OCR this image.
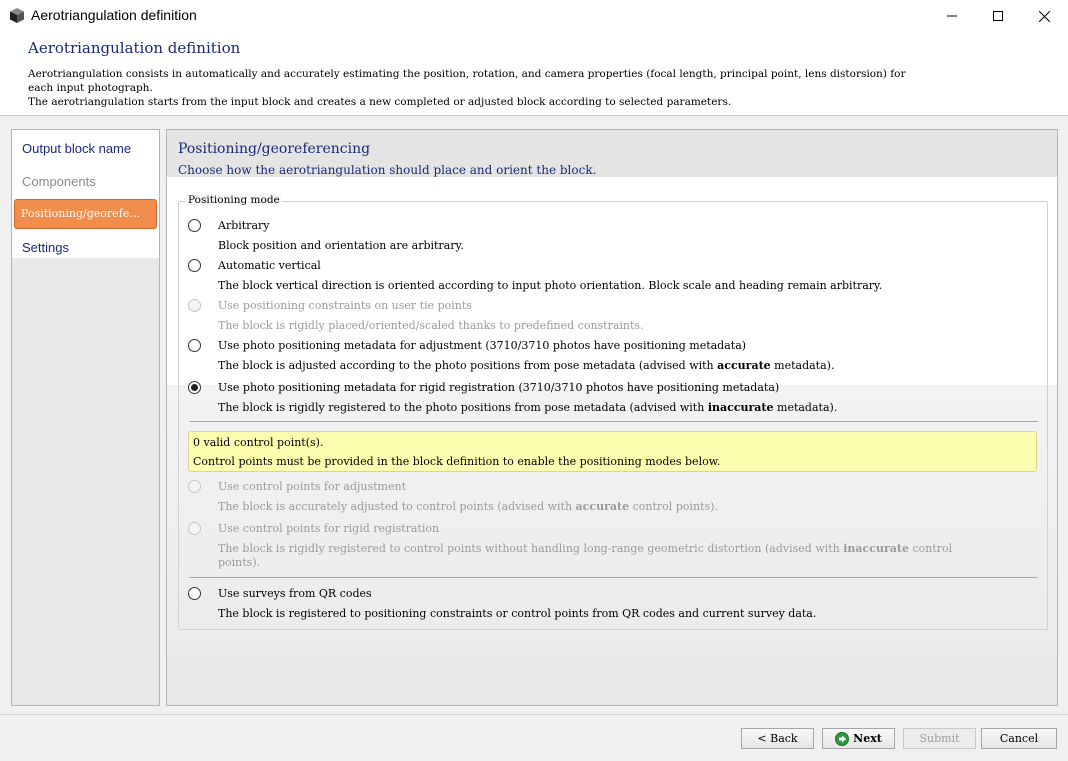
Aerotriangulation definition
Aerotriangulation definition
Aerotriangulation consists in automatically and accurately estimating the position, rotation, and camera properties (focal length, principal point, lens distorsion) for
each input photograph.
The aerotriangulation starts from the input block and creates a new completed or adjusted block according to selected parameters.
Output block name
Components
Positioning/georefe…
Settings
Positioning/georeferencing
Choose how the aerotriangulation should place and orient the block.
Arbitrary
Block position and orientation are arbitrary.
Automatic vertical
The block vertical direction is oriented according to input photo orientation. Block scale and heading remain arbitrary.
Use positioning constraints on user tie points
The block is rigidly placed/oriented/scaled thanks to predefined constraints.
Use photo positioning metadata for adjustment (3710/3710 photos have positioning metadata)
The block is adjusted according to the photo positions from pose metadata (advised with accurate metadata).
Use photo positioning metadata for rigid registration (3710/3710 photos have positioning metadata)
The block is rigidly registered to the photo positions from pose metadata (advised with inaccurate metadata).
Use control points for adjustment
The block is accurately adjusted to control points (advised with accurate control points).
Use control points for rigid registration
The block is rigidly registered to control points without handling long-range geometric distortion (advised with inaccurate control
points).
Use surveys from QR codes
The block is registered to positioning constraints or control points from QR codes and current survey data.
Positioning mode
0 valid control point(s).
Control points must be provided in the block definition to enable the positioning modes below.
< Back	Next	Submit	Cancel
